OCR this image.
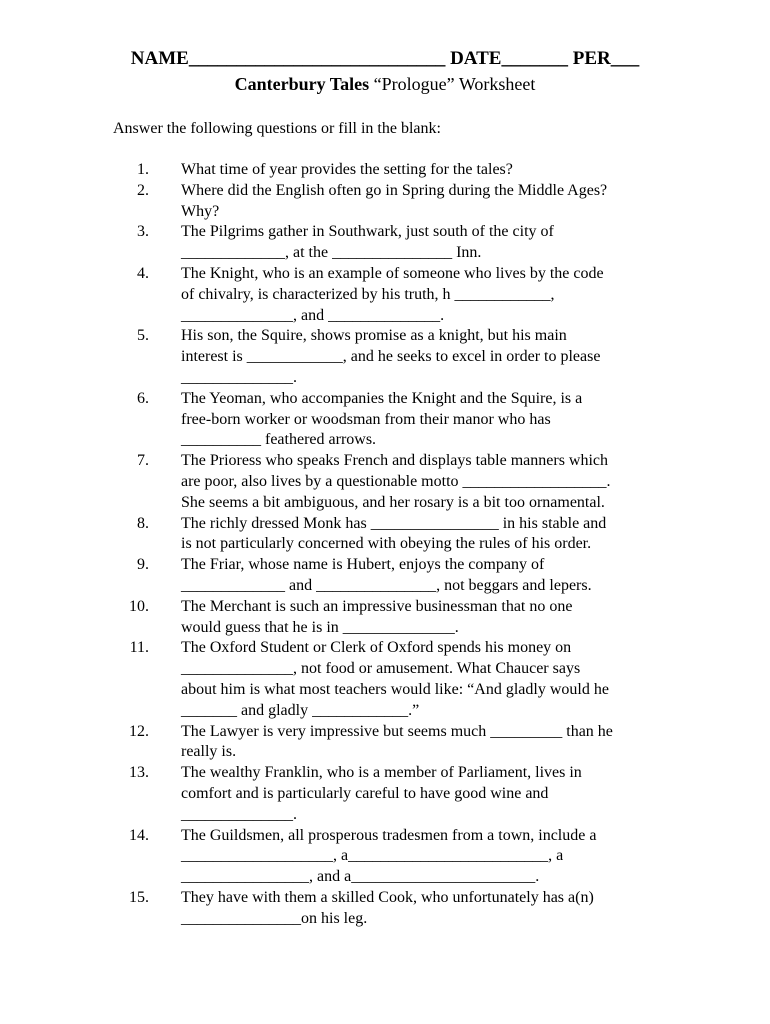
NAME___________________________ DATE_______ PER___
Canterbury Tales “Prologue” Worksheet
Answer the following questions or fill in the blank:
1. What time of year provides the setting for the tales?
2. Where did the English often go in Spring during the Middle Ages?
Why?
3. The Pilgrims gather in Southwark, just south of the city of
_____________, at the _______________ Inn.
4. The Knight, who is an example of someone who lives by the code
of chivalry, is characterized by his truth, h ____________,
______________, and ______________.
5. His son, the Squire, shows promise as a knight, but his main
interest is ____________, and he seeks to excel in order to please
______________.
6. The Yeoman, who accompanies the Knight and the Squire, is a
free-born worker or woodsman from their manor who has
__________ feathered arrows.
7. The Prioress who speaks French and displays table manners which
are poor, also lives by a questionable motto __________________.
She seems a bit ambiguous, and her rosary is a bit too ornamental.
8. The richly dressed Monk has ________________ in his stable and
is not particularly concerned with obeying the rules of his order.
9. The Friar, whose name is Hubert, enjoys the company of
_____________ and _______________, not beggars and lepers.
10. The Merchant is such an impressive businessman that no one
would guess that he is in ______________.
11. The Oxford Student or Clerk of Oxford spends his money on
______________, not food or amusement. What Chaucer says
about him is what most teachers would like: “And gladly would he
_______ and gladly ____________.”
12. The Lawyer is very impressive but seems much _________ than he
really is.
13. The wealthy Franklin, who is a member of Parliament, lives in
comfort and is particularly careful to have good wine and
______________.
14. The Guildsmen, all prosperous tradesmen from a town, include a
___________________, a_________________________, a
________________, and a_______________________.
15. They have with them a skilled Cook, who unfortunately has a(n)
_______________on his leg.
